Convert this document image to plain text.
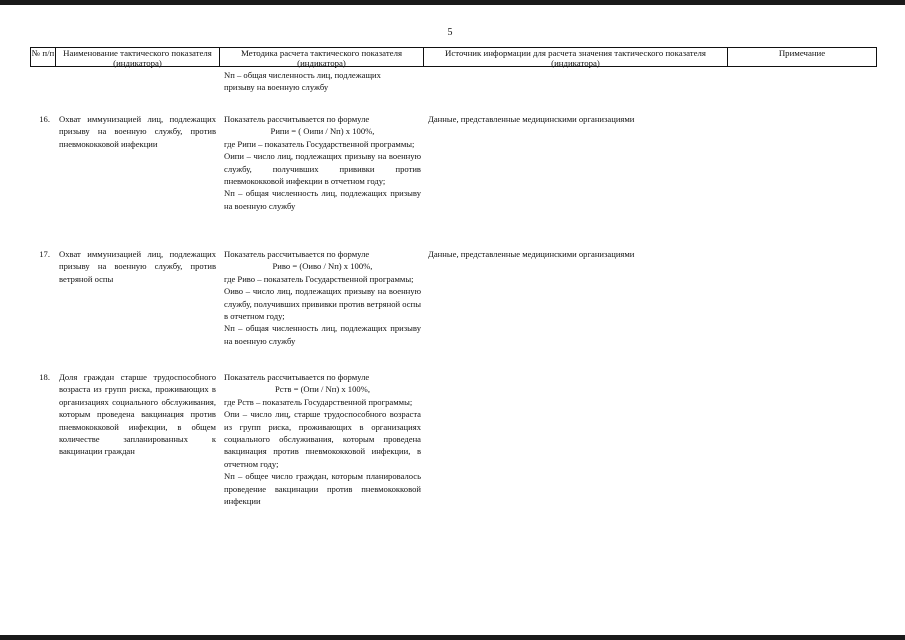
5
№ п/п	Наименование тактического показателя (индикатора)
Методика расчета тактического показателя (индикатора)
Источник информации для расчета значения тактического показателя (индикатора)
Примечание
Nп – общая численность лиц, подлежащих
призыву на военную службу
16. Охват иммунизацией лиц, подлежащих призыву на военную службу, против пневмококковой инфекции
Показатель рассчитывается по формуле
Pипи = ( Oипи / Nп) x 100%,
где Pипи – показатель Государственной программы;
Oипи – число лиц, подлежащих призыву на военную службу, получивших прививки против пневмококковой инфекции в отчетном году;
Nп – общая численность лиц, подлежащих призыву на военную службу
Данные, представленные медицинскими организациями
17. Охват иммунизацией лиц, подлежащих призыву на военную службу, против ветряной оспы
Показатель рассчитывается по формуле
Pиво = (Oиво / Nп) x 100%,
где Pиво – показатель Государственной программы;
Oиво – число лиц, подлежащих призыву на военную службу, получивших прививки против ветряной оспы в отчетном году;
Nп – общая численность лиц, подлежащих призыву на военную службу
Данные, представленные медицинскими организациями
18. Доля граждан старше трудоспособного возраста из групп риска, проживающих в организациях социального обслуживания, которым проведена вакцинация против пневмококковой инфекции, в общем количестве запланированных к вакцинации граждан
Показатель рассчитывается по формуле
Pств = (Oпи / Nп) x 100%,
где Pств – показатель Государственной программы;
Oпи – число лиц, старше трудоспособного возраста из групп риска, проживающих в организациях социального обслуживания, которым проведена вакцинация против пневмококковой инфекции, в отчетном году;
Nп – общее число граждан, которым планировалось проведение вакцинации против пневмококковой инфекции
